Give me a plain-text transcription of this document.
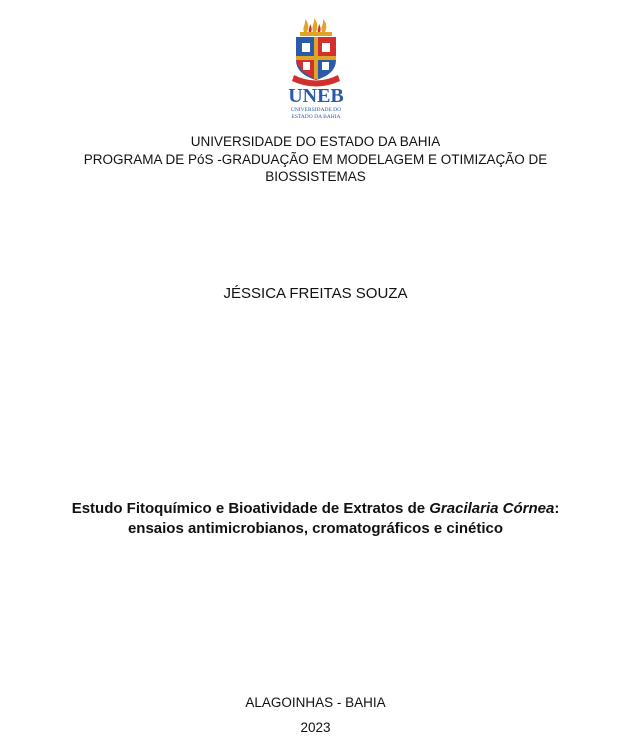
UNEB
UNIVERSIDADE DO
ESTADO DA BAHIA
UNIVERSIDADE DO ESTADO DA BAHIA
PROGRAMA DE PóS -GRADUAÇÃO EM MODELAGEM E OTIMIZAÇÃO DE BIOSSISTEMAS
JÉSSICA FREITAS SOUZA
Estudo Fitoquímico e Bioatividade de Extratos de Gracilaria Córnea: ensaios antimicrobianos, cromatográficos e cinético
ALAGOINHAS - BAHIA
2023
